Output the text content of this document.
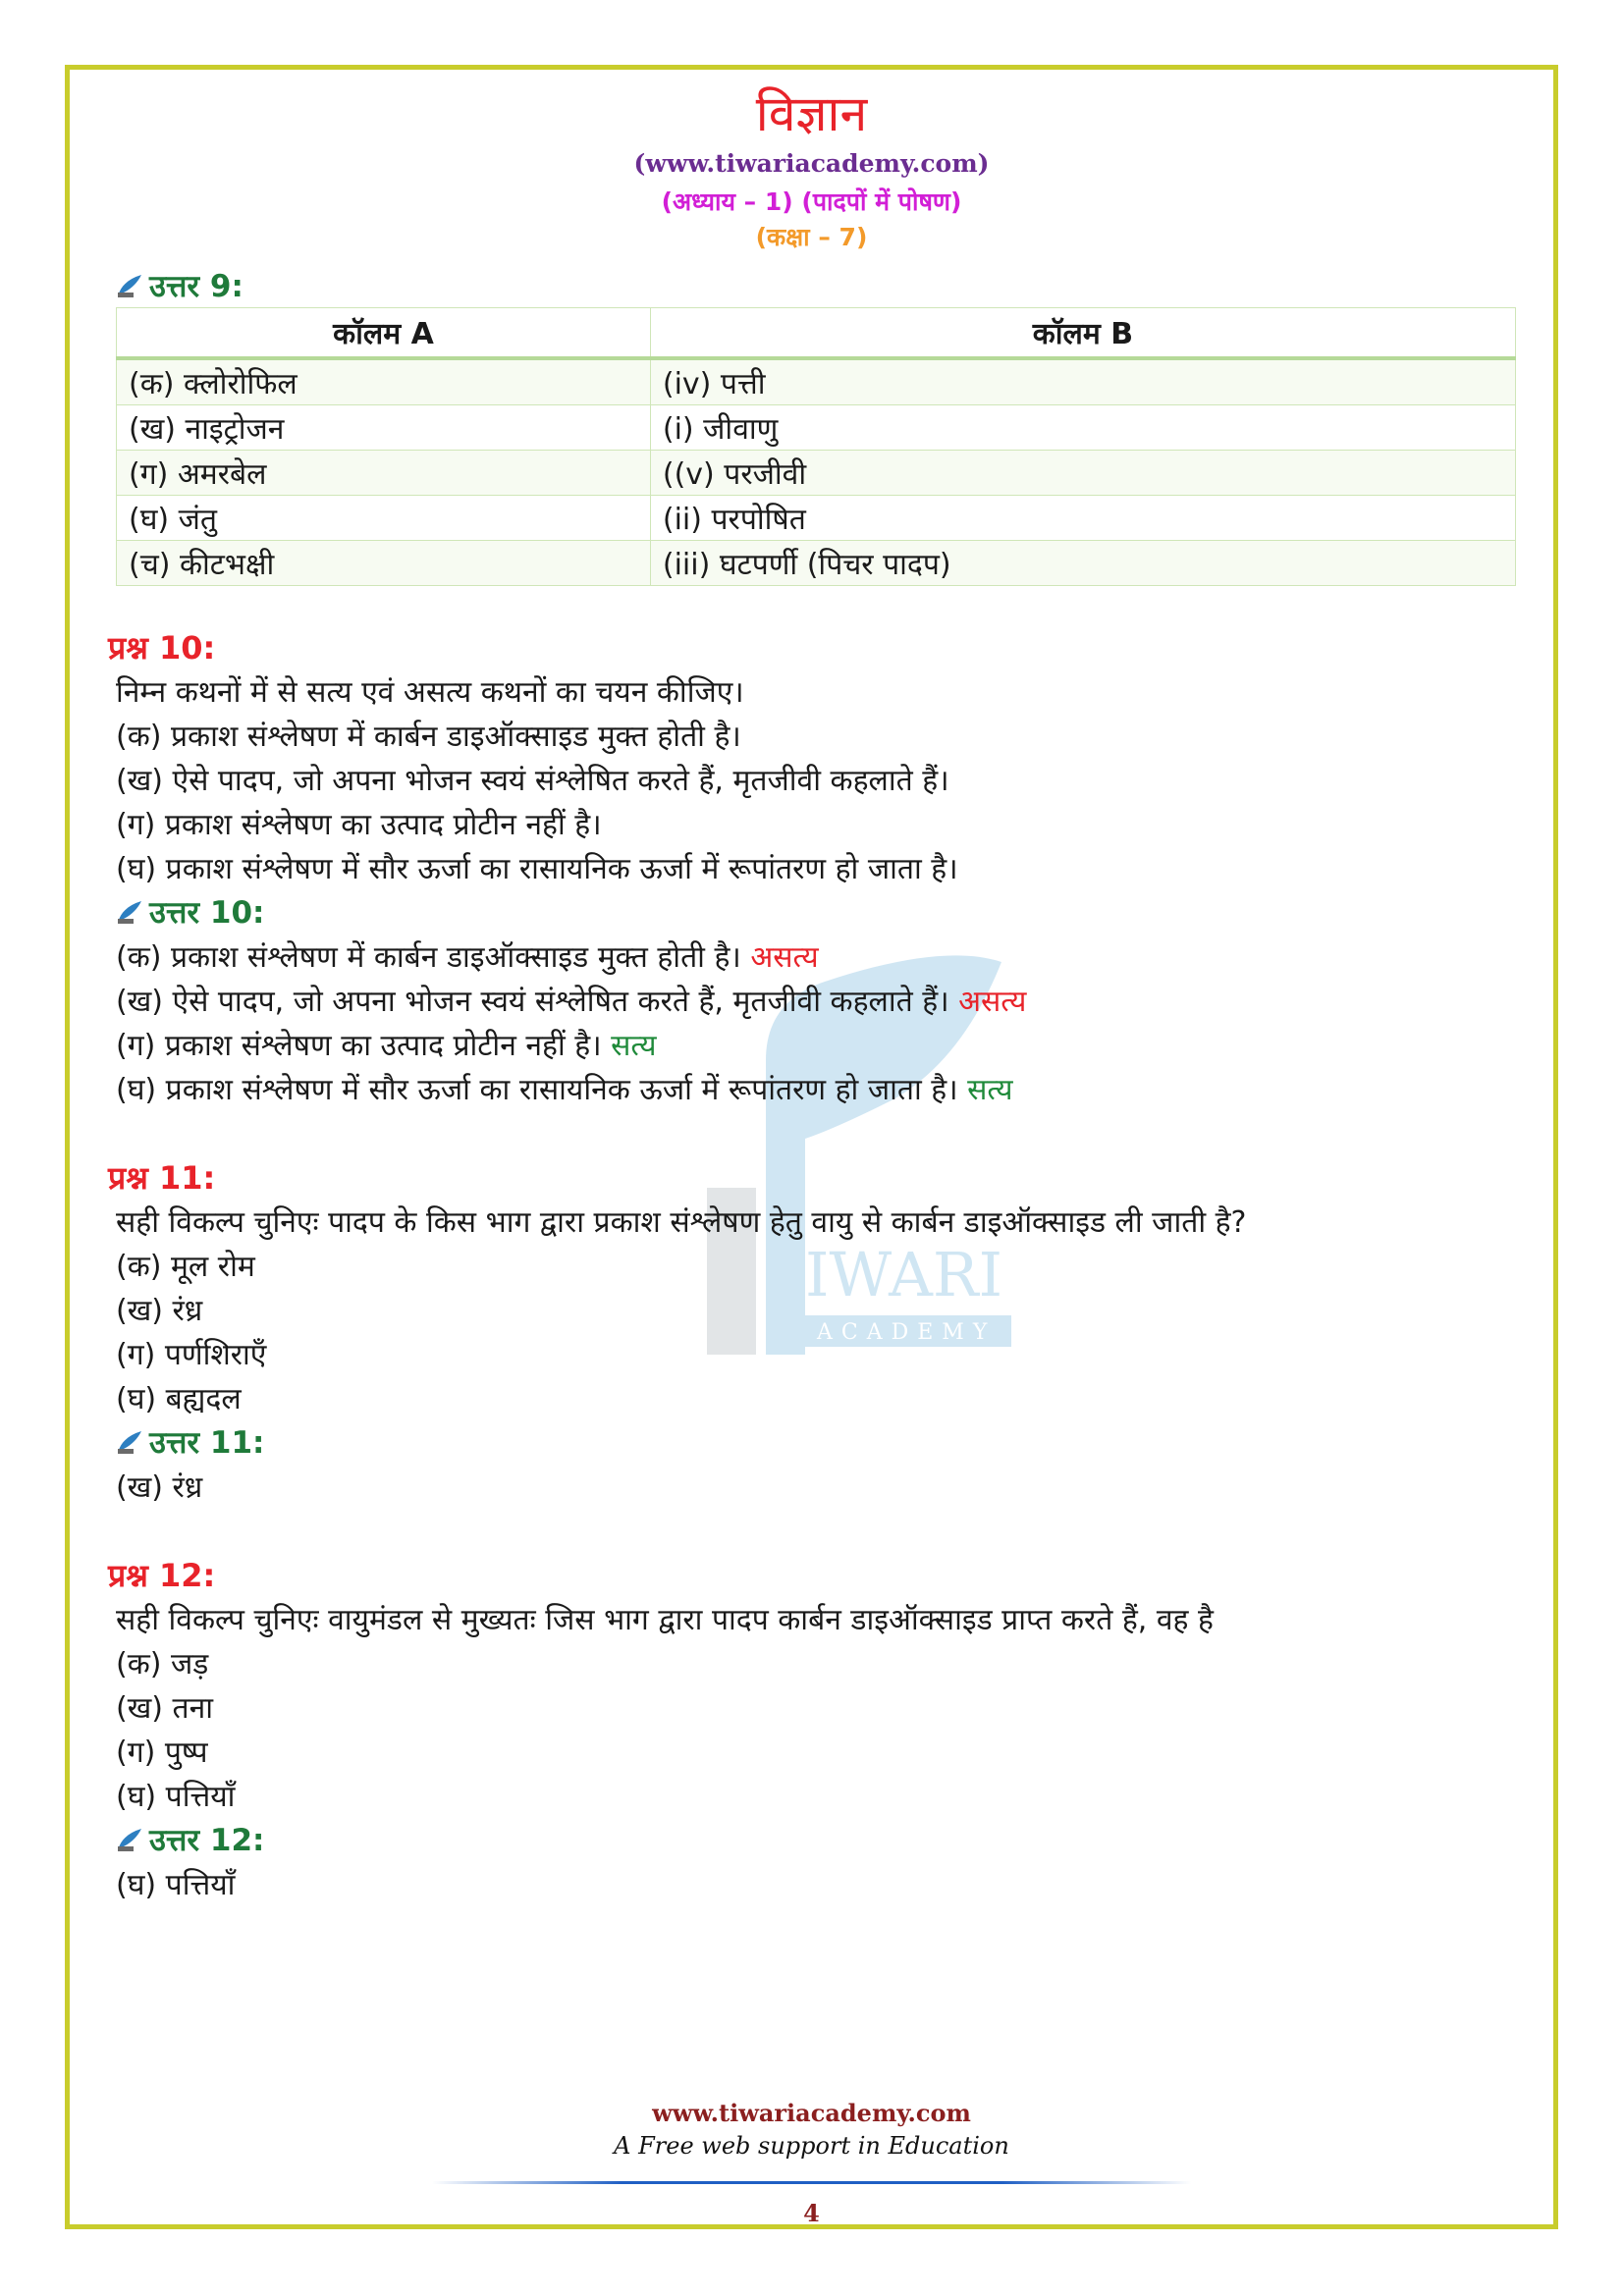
विज्ञान
(www.tiwariacademy.com)
(अध्याय – 1) (पादपों में पोषण)
(कक्षा – 7)
IWARI
ACADEMY
उत्तर 9:
कॉलम A	कॉलम B
(क) क्लोरोफिल	(iv) पत्ती
(ख) नाइट्रोजन	(i) जीवाणु
(ग) अमरबेल	((v) परजीवी
(घ) जंतु	(ii) परपोषित
(च) कीटभक्षी	(iii) घटपर्णी (पिचर पादप)
प्रश्न 10:
निम्न कथनों में से सत्य एवं असत्य कथनों का चयन कीजिए।
(क) प्रकाश संश्लेषण में कार्बन डाइऑक्साइड मुक्त होती है।
(ख) ऐसे पादप, जो अपना भोजन स्वयं संश्लेषित करते हैं, मृतजीवी कहलाते हैं।
(ग) प्रकाश संश्लेषण का उत्पाद प्रोटीन नहीं है।
(घ) प्रकाश संश्लेषण में सौर ऊर्जा का रासायनिक ऊर्जा में रूपांतरण हो जाता है।
उत्तर 10:
(क) प्रकाश संश्लेषण में कार्बन डाइऑक्साइड मुक्त होती है। असत्य
(ख) ऐसे पादप, जो अपना भोजन स्वयं संश्लेषित करते हैं, मृतजीवी कहलाते हैं। असत्य
(ग) प्रकाश संश्लेषण का उत्पाद प्रोटीन नहीं है। सत्य
(घ) प्रकाश संश्लेषण में सौर ऊर्जा का रासायनिक ऊर्जा में रूपांतरण हो जाता है। सत्य
प्रश्न 11:
सही विकल्प चुनिएः पादप के किस भाग द्वारा प्रकाश संश्लेषण हेतु वायु से कार्बन डाइऑक्साइड ली जाती है?
(क) मूल रोम
(ख) रंध्र
(ग) पर्णशिराएँ
(घ) बह्यदल
उत्तर 11:
(ख) रंध्र
प्रश्न 12:
सही विकल्प चुनिएः वायुमंडल से मुख्यतः जिस भाग द्वारा पादप कार्बन डाइऑक्साइड प्राप्त करते हैं, वह है
(क) जड़
(ख) तना
(ग) पुष्प
(घ) पत्तियाँ
उत्तर 12:
(घ) पत्तियाँ
www.tiwariacademy.com
A Free web support in Education
4
